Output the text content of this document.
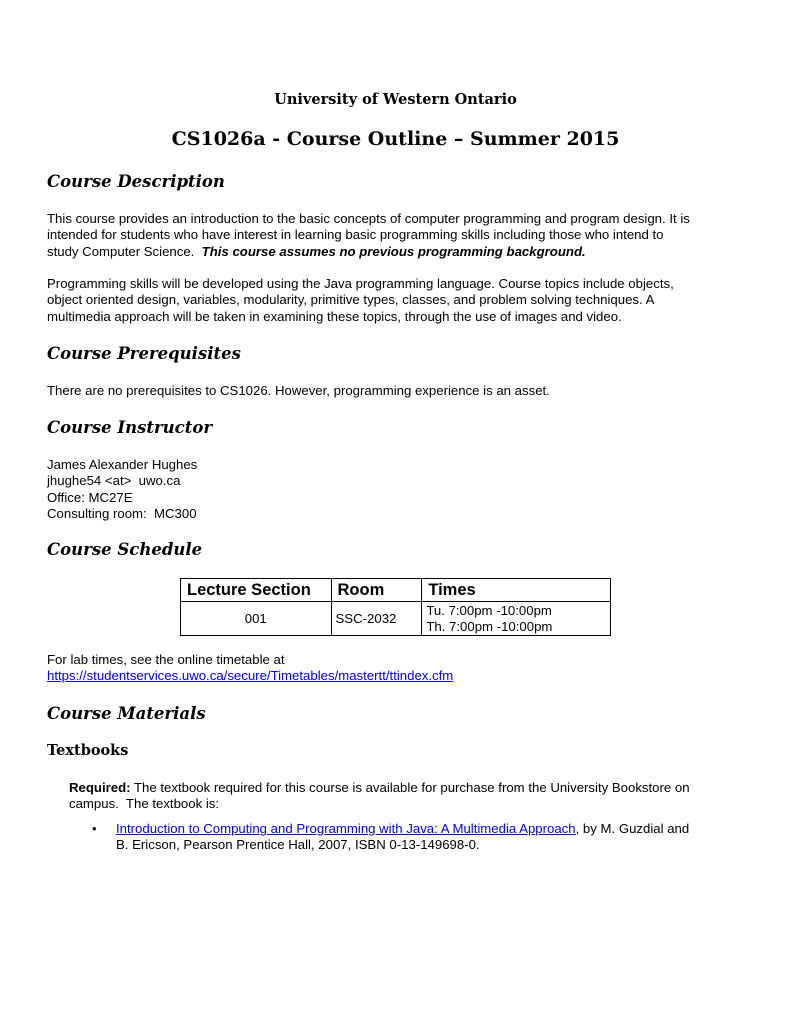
University of Western Ontario
CS1026a - Course Outline – Summer 2015
Course Description

This course provides an introduction to the basic concepts of computer programming and program design. It is
intended for students who have interest in learning basic programming skills including those who intend to
study Computer Science.  This course assumes no previous programming background.

Programming skills will be developed using the Java programming language. Course topics include objects,
object oriented design, variables, modularity, primitive types, classes, and problem solving techniques. A
multimedia approach will be taken in examining these topics, through the use of images and video.

Course Prerequisites

There are no prerequisites to CS1026. However, programming experience is an asset.

Course Instructor

James Alexander Hughes
jhughe54 <at>  uwo.ca
Office: MC27E
Consulting room:  MC300

Course Schedule
Lecture Section	Room	Times
001	SSC-2032	Tu. 7:00pm -10:00pm
Th. 7:00pm -10:00pm

For lab times, see the online timetable at
https://studentservices.uwo.ca/secure/Timetables/mastertt/ttindex.cfm

Course Materials
Textbooks

Required: The textbook required for this course is available for purchase from the University Bookstore on
campus.  The textbook is:

• Introduction to Computing and Programming with Java: A Multimedia Approach, by M. Guzdial and
B. Ericson, Pearson Prentice Hall, 2007, ISBN 0-13-149698-0.
